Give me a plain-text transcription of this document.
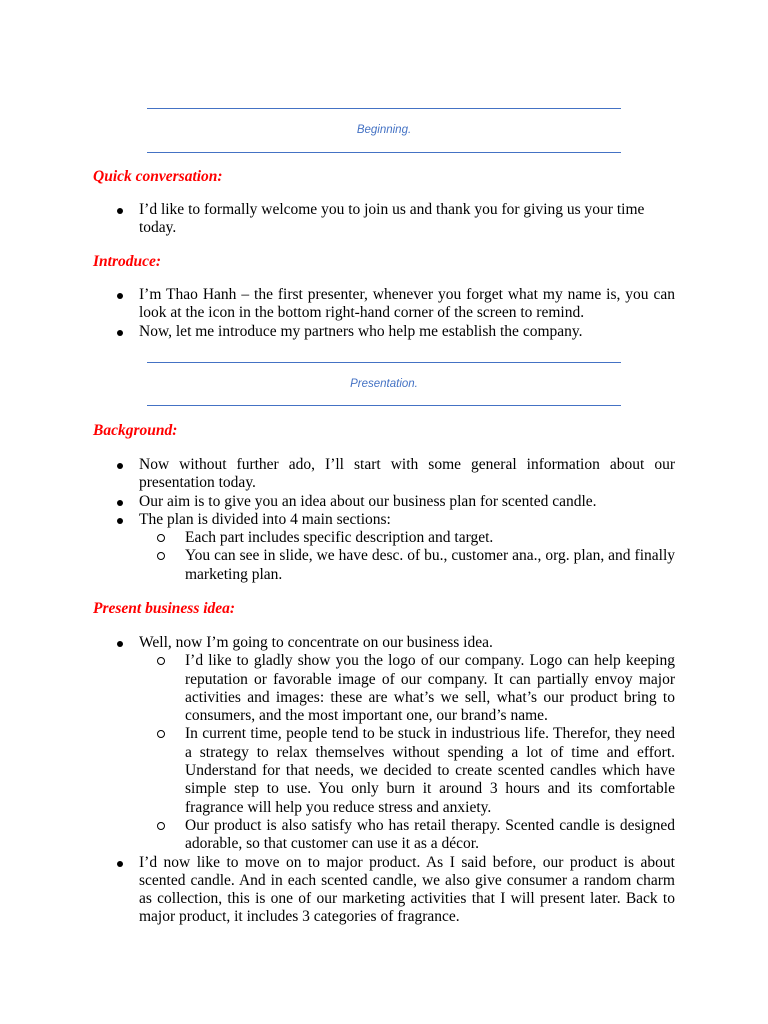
Beginning.
Quick conversation:
I’d like to formally welcome you to join us and thank you for giving us your time today.
Introduce:
I’m Thao Hanh – the first presenter, whenever you forget what my name is, you can look at the icon in the bottom right-hand corner of the screen to remind.
Now, let me introduce my partners who help me establish the company.
Presentation.
Background:
Now without further ado, I’ll start with some general information about our presentation today.
Our aim is to give you an idea about our business plan for scented candle.
The plan is divided into 4 main sections:
Each part includes specific description and target.
You can see in slide, we have desc. of bu., customer ana., org. plan, and finally marketing plan.
Present business idea:
Well, now I’m going to concentrate on our business idea.
I’d like to gladly show you the logo of our company. Logo can help keeping reputation or favorable image of our company. It can partially envoy major activities and images: these are what’s we sell, what’s our product bring to consumers, and the most important one, our brand’s name.
In current time, people tend to be stuck in industrious life. Therefor, they need a strategy to relax themselves without spending a lot of time and effort. Understand for that needs, we decided to create scented candles which have simple step to use. You only burn it around 3 hours and its comfortable fragrance will help you reduce stress and anxiety.
Our product is also satisfy who has retail therapy. Scented candle is designed adorable, so that customer can use it as a décor.
I’d now like to move on to major product. As I said before, our product is about scented candle. And in each scented candle, we also give consumer a random charm as collection, this is one of our marketing activities that I will present later. Back to major product, it includes 3 categories of fragrance.
